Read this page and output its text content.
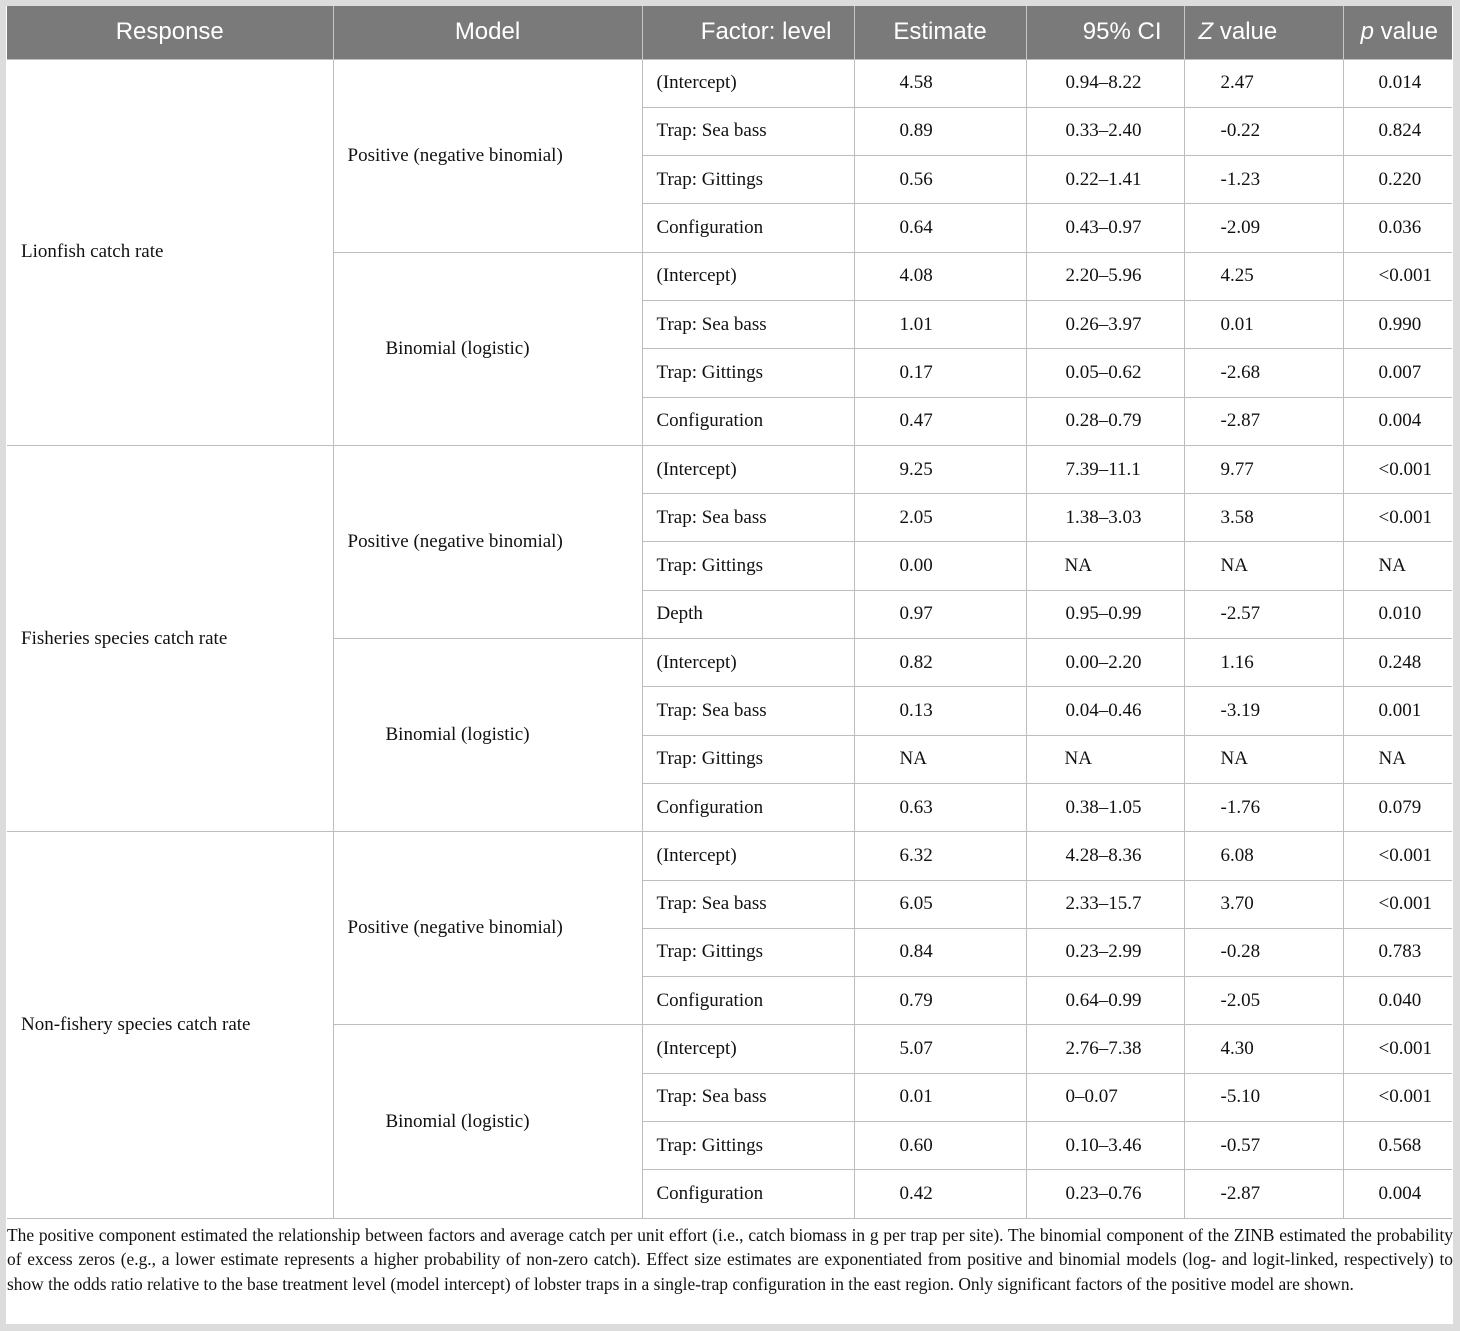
Response	Model	Factor: level	Estimate	95% CI	Z value	p value
Lionfish catch rate	Positive (negative binomial)	(Intercept)	4.58	0.94–8.22	2.47	0.014
		Trap: Sea bass	0.89	0.33–2.40	-0.22	0.824
		Trap: Gittings	0.56	0.22–1.41	-1.23	0.220
		Configuration	0.64	0.43–0.97	-2.09	0.036
	Binomial (logistic)	(Intercept)	4.08	2.20–5.96	4.25	<0.001
		Trap: Sea bass	1.01	0.26–3.97	0.01	0.990
		Trap: Gittings	0.17	0.05–0.62	-2.68	0.007
		Configuration	0.47	0.28–0.79	-2.87	0.004
Fisheries species catch rate	Positive (negative binomial)	(Intercept)	9.25	7.39–11.1	9.77	<0.001
		Trap: Sea bass	2.05	1.38–3.03	3.58	<0.001
		Trap: Gittings	0.00	NA	NA	NA
		Depth	0.97	0.95–0.99	-2.57	0.010
	Binomial (logistic)	(Intercept)	0.82	0.00–2.20	1.16	0.248
		Trap: Sea bass	0.13	0.04–0.46	-3.19	0.001
		Trap: Gittings	NA	NA	NA	NA
		Configuration	0.63	0.38–1.05	-1.76	0.079
Non-fishery species catch rate	Positive (negative binomial)	(Intercept)	6.32	4.28–8.36	6.08	<0.001
		Trap: Sea bass	6.05	2.33–15.7	3.70	<0.001
		Trap: Gittings	0.84	0.23–2.99	-0.28	0.783
		Configuration	0.79	0.64–0.99	-2.05	0.040
	Binomial (logistic)	(Intercept)	5.07	2.76–7.38	4.30	<0.001
		Trap: Sea bass	0.01	0–0.07	-5.10	<0.001
		Trap: Gittings	0.60	0.10–3.46	-0.57	0.568
		Configuration	0.42	0.23–0.76	-2.87	0.004
The positive component estimated the relationship between factors and average catch per unit effort (i.e., catch biomass in g per trap per site). The binomial component of the ZINB estimated the probability of excess zeros (e.g., a lower estimate represents a higher probability of non-zero catch). Effect size estimates are exponentiated from positive and binomial models (log- and logit-linked, respectively) to show the odds ratio relative to the base treatment level (model intercept) of lobster traps in a single-trap configuration in the east region. Only significant factors of the positive model are shown.
